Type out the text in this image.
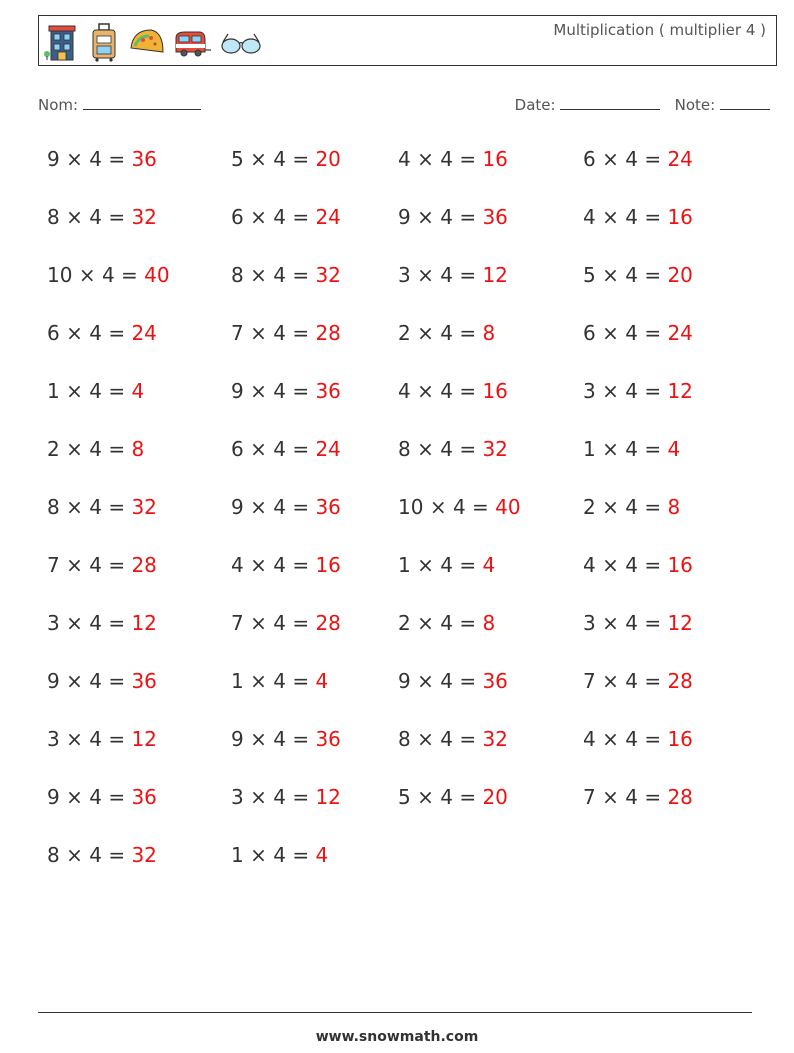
Multiplication ( multiplier 4 )
Nom:	Date:	Note:
9 × 4 = 36
8 × 4 = 32
10 × 4 = 40
6 × 4 = 24
1 × 4 = 4
2 × 4 = 8
8 × 4 = 32
7 × 4 = 28
3 × 4 = 12
9 × 4 = 36
3 × 4 = 12
9 × 4 = 36
8 × 4 = 32
5 × 4 = 20
6 × 4 = 24
8 × 4 = 32
7 × 4 = 28
9 × 4 = 36
6 × 4 = 24
9 × 4 = 36
4 × 4 = 16
7 × 4 = 28
1 × 4 = 4
9 × 4 = 36
3 × 4 = 12
1 × 4 = 4
4 × 4 = 16
9 × 4 = 36
3 × 4 = 12
2 × 4 = 8
4 × 4 = 16
8 × 4 = 32
10 × 4 = 40
1 × 4 = 4
2 × 4 = 8
9 × 4 = 36
8 × 4 = 32
5 × 4 = 20
6 × 4 = 24
4 × 4 = 16
5 × 4 = 20
6 × 4 = 24
3 × 4 = 12
1 × 4 = 4
2 × 4 = 8
4 × 4 = 16
3 × 4 = 12
7 × 4 = 28
4 × 4 = 16
7 × 4 = 28
www.snowmath.com
